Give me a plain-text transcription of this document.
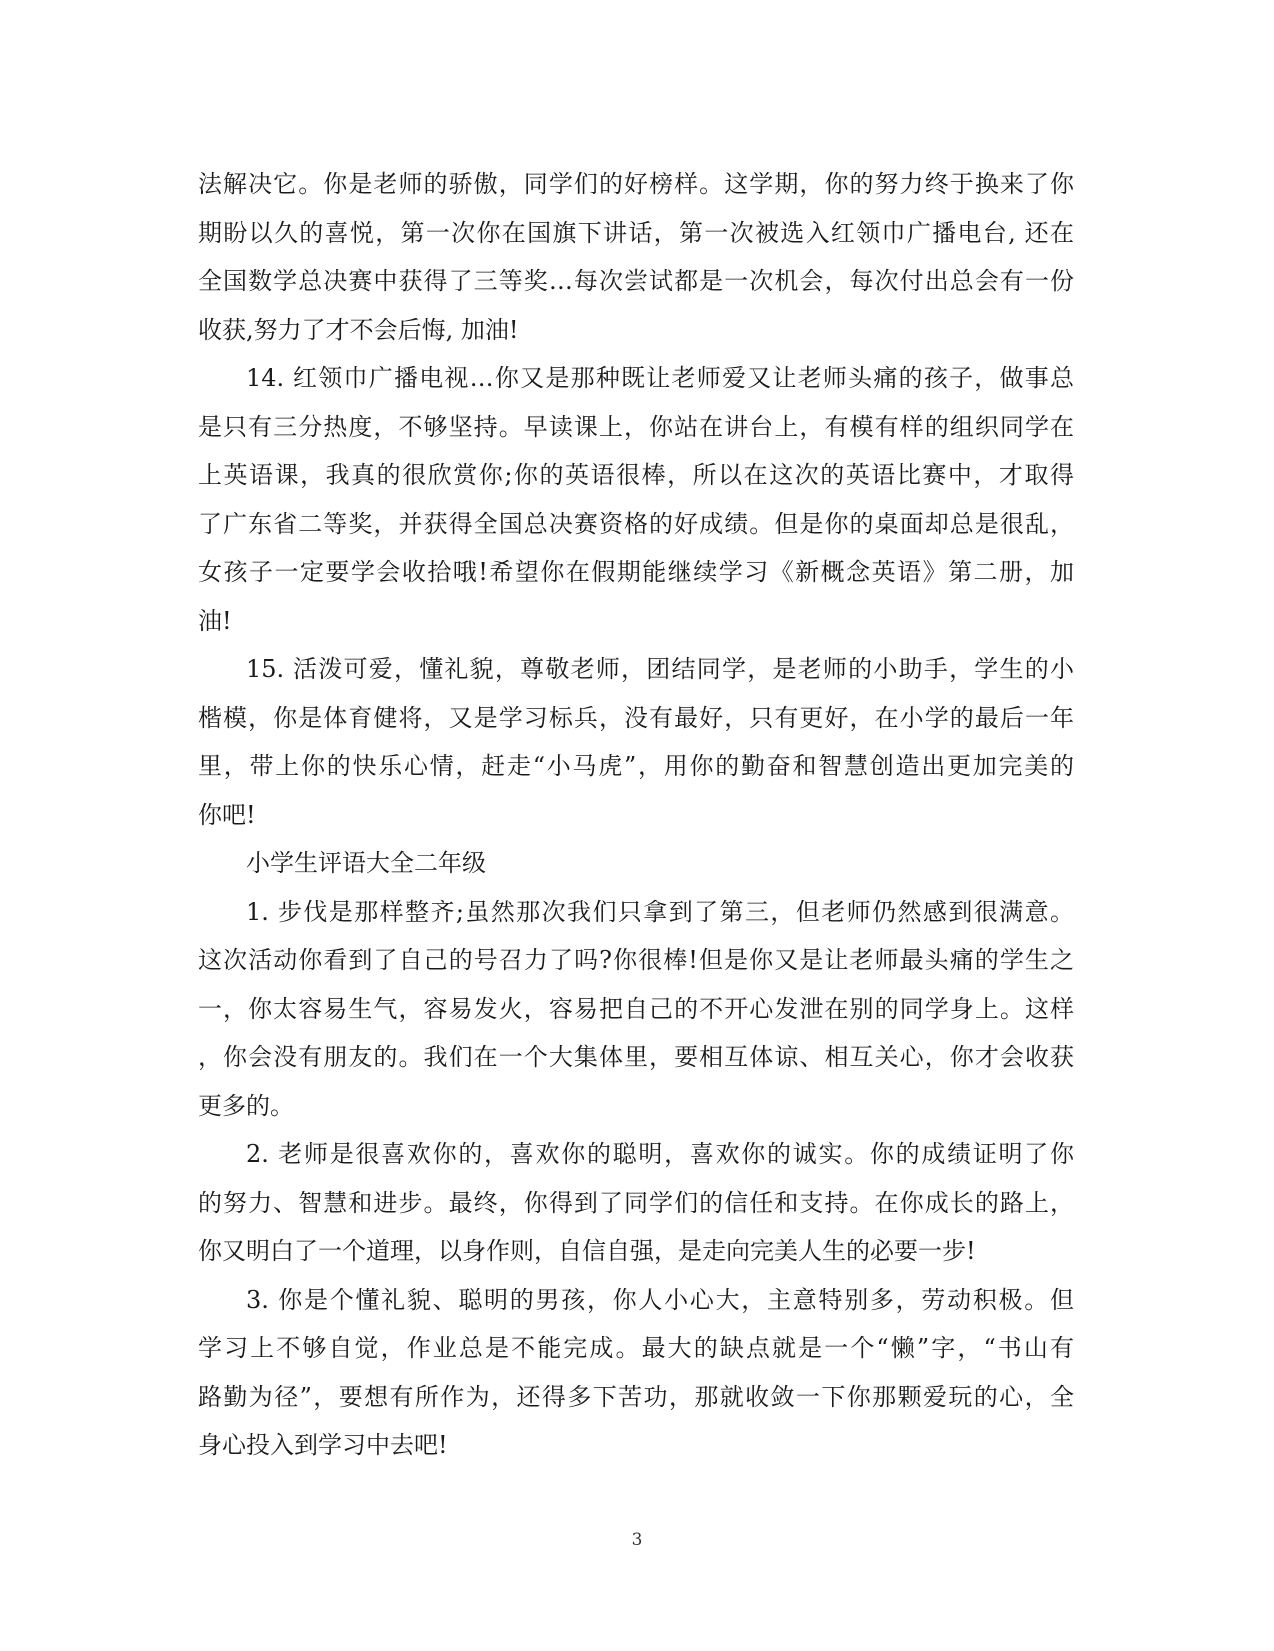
法解决它。你是老师的骄傲，同学们的好榜样。这学期，你的努力终于换来了你
期盼以久的喜悦，第一次你在国旗下讲话，第一次被选入红领巾广播电台, 还在
全国数学总决赛中获得了三等奖…每次尝试都是一次机会，每次付出总会有一份
收获,努力了才不会后悔, 加油!
14. 红领巾广播电视…你又是那种既让老师爱又让老师头痛的孩子，做事总
是只有三分热度，不够坚持。早读课上，你站在讲台上，有模有样的组织同学在
上英语课，我真的很欣赏你;你的英语很棒，所以在这次的英语比赛中，才取得
了广东省二等奖，并获得全国总决赛资格的好成绩。但是你的桌面却总是很乱，
女孩子一定要学会收拾哦!希望你在假期能继续学习《新概念英语》第二册，加
油!
15. 活泼可爱，懂礼貌，尊敬老师，团结同学，是老师的小助手，学生的小
楷模，你是体育健将，又是学习标兵，没有最好，只有更好，在小学的最后一年
里，带上你的快乐心情，赶走“小马虎”，用你的勤奋和智慧创造出更加完美的
你吧!
小学生评语大全二年级
1. 步伐是那样整齐;虽然那次我们只拿到了第三，但老师仍然感到很满意。
这次活动你看到了自己的号召力了吗?你很棒!但是你又是让老师最头痛的学生之
一，你太容易生气，容易发火，容易把自己的不开心发泄在别的同学身上。这样
，你会没有朋友的。我们在一个大集体里，要相互体谅、相互关心，你才会收获
更多的。
2. 老师是很喜欢你的，喜欢你的聪明，喜欢你的诚实。你的成绩证明了你
的努力、智慧和进步。最终，你得到了同学们的信任和支持。在你成长的路上，
你又明白了一个道理，以身作则，自信自强，是走向完美人生的必要一步!
3. 你是个懂礼貌、聪明的男孩，你人小心大，主意特别多，劳动积极。但
学习上不够自觉，作业总是不能完成。最大的缺点就是一个“懒”字，“书山有
路勤为径”，要想有所作为，还得多下苦功，那就收敛一下你那颗爱玩的心，全
身心投入到学习中去吧!
3
